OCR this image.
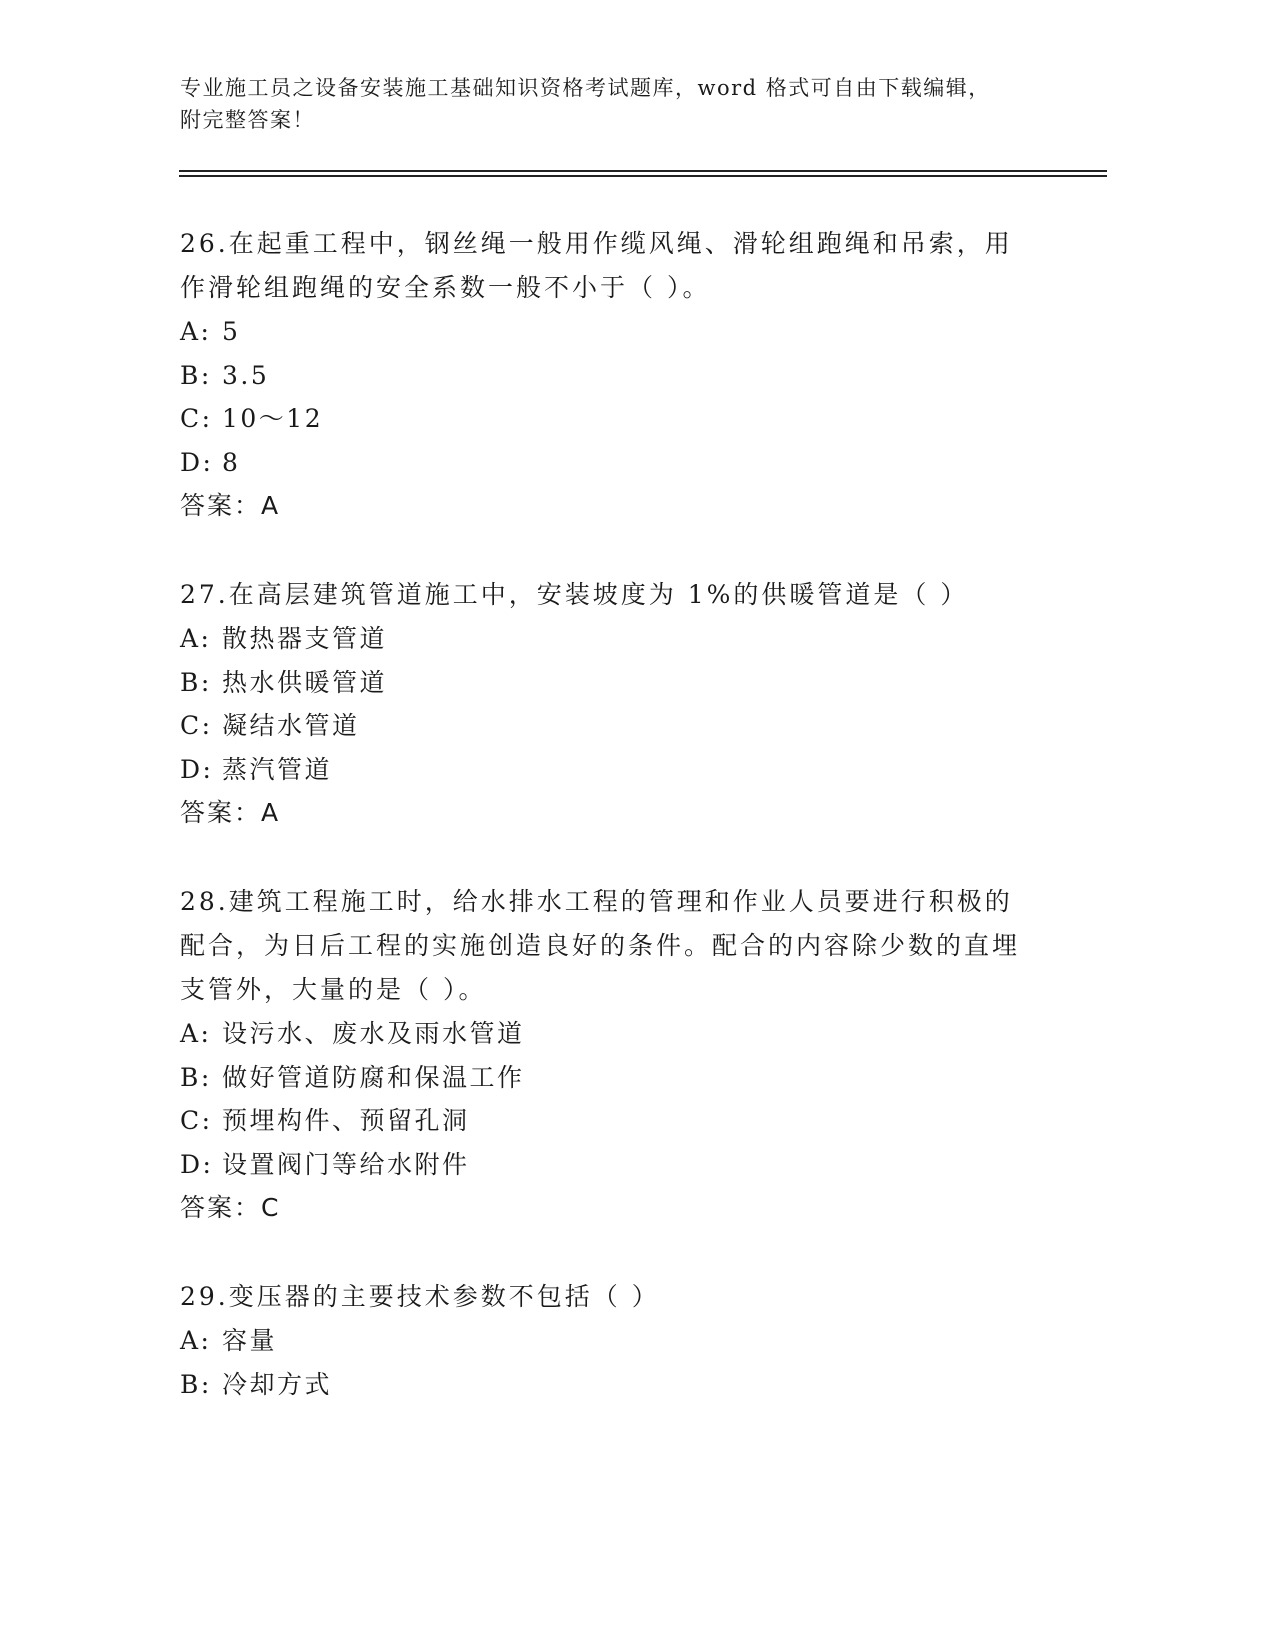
专业施工员之设备安装施工基础知识资格考试题库，word 格式可自由下载编辑，
附完整答案！
26.在起重工程中，钢丝绳一般用作缆风绳、滑轮组跑绳和吊索，用作滑轮组跑绳的安全系数一般不小于（ ）。
A: 5
B: 3.5
C: 10～12
D: 8
答案：A
27.在高层建筑管道施工中，安装坡度为 1%的供暖管道是（ ）
A: 散热器支管道
B: 热水供暖管道
C: 凝结水管道
D: 蒸汽管道
答案：A
28.建筑工程施工时，给水排水工程的管理和作业人员要进行积极的配合，为日后工程的实施创造良好的条件。配合的内容除少数的直埋支管外，大量的是（ ）。
A: 设污水、废水及雨水管道
B: 做好管道防腐和保温工作
C: 预埋构件、预留孔洞
D: 设置阀门等给水附件
答案：C
29.变压器的主要技术参数不包括（ ）
A: 容量
B: 冷却方式
